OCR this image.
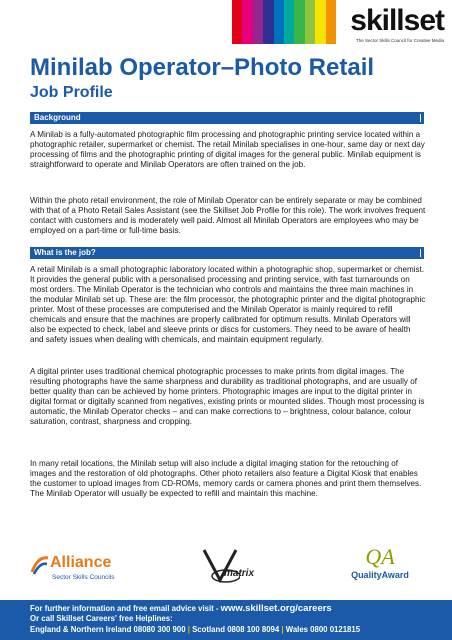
skillset
The Sector Skills Council for Creative Media
Minilab Operator–Photo Retail
Job Profile
Background
A Minilab is a fully-automated photographic film processing and photographic printing service located within a photographic retailer, supermarket or chemist. The retail Minilab specialises in one-hour, same day or next day processing of films and the photographic printing of digital images for the general public. Minilab equipment is straightforward to operate and Minilab Operators are often trained on the job.
Within the photo retail environment, the role of Minilab Operator can be entirely separate or may be combined with that of a Photo Retail Sales Assistant (see the Skillset Job Profile for this role). The work involves frequent contact with customers and is moderately well paid. Almost all Minilab Operators are employees who may be employed on a part-time or full-time basis.
What is the job?
A retail Minilab is a small photographic laboratory located within a photographic shop, supermarket or chemist. It provides the general public with a personalised processing and printing service, with fast turnarounds on most orders. The Minilab Operator is the technician who controls and maintains the three main machines in the modular Minilab set up. These are: the film processor, the photographic printer and the digital photographic printer. Most of these processes are computerised and the Minilab Operator is mainly required to refill chemicals and ensure that the machines are properly calibrated for optimum results. Minilab Operators will also be expected to check, label and sleeve prints or discs for customers. They need to be aware of health and safety issues when dealing with chemicals, and maintain equipment regularly.
A digital printer uses traditional chemical photographic processes to make prints from digital images. The resulting photographs have the same sharpness and durability as traditional photographs, and are usually of better quality than can be achieved by home printers. Photographic images are input to the digital printer in digital format or digitally scanned from negatives, existing prints or mounted slides. Though most processing is automatic, the Minilab Operator checks – and can make corrections to – brightness, colour balance, colour saturation, contrast, sharpness and cropping.
In many retail locations, the Minilab setup will also include a digital imaging station for the retouching of images and the restoration of old photographs. Other photo retailers also feature a Digital Kiosk that enables the customer to upload images from CD-ROMs, memory cards or camera phones and print them themselves. The Minilab Operator will usually be expected to refill and maintain this machine.
Alliance
Sector Skills Councils	matrix
QA
QualityAward
For further information and free email advice visit - www.skillset.org/careers
Or call Skillset Careers' free Helplines:
England & Northern Ireland 08080 300 900 | Scotland 0808 100 8094 | Wales 0800 0121815
